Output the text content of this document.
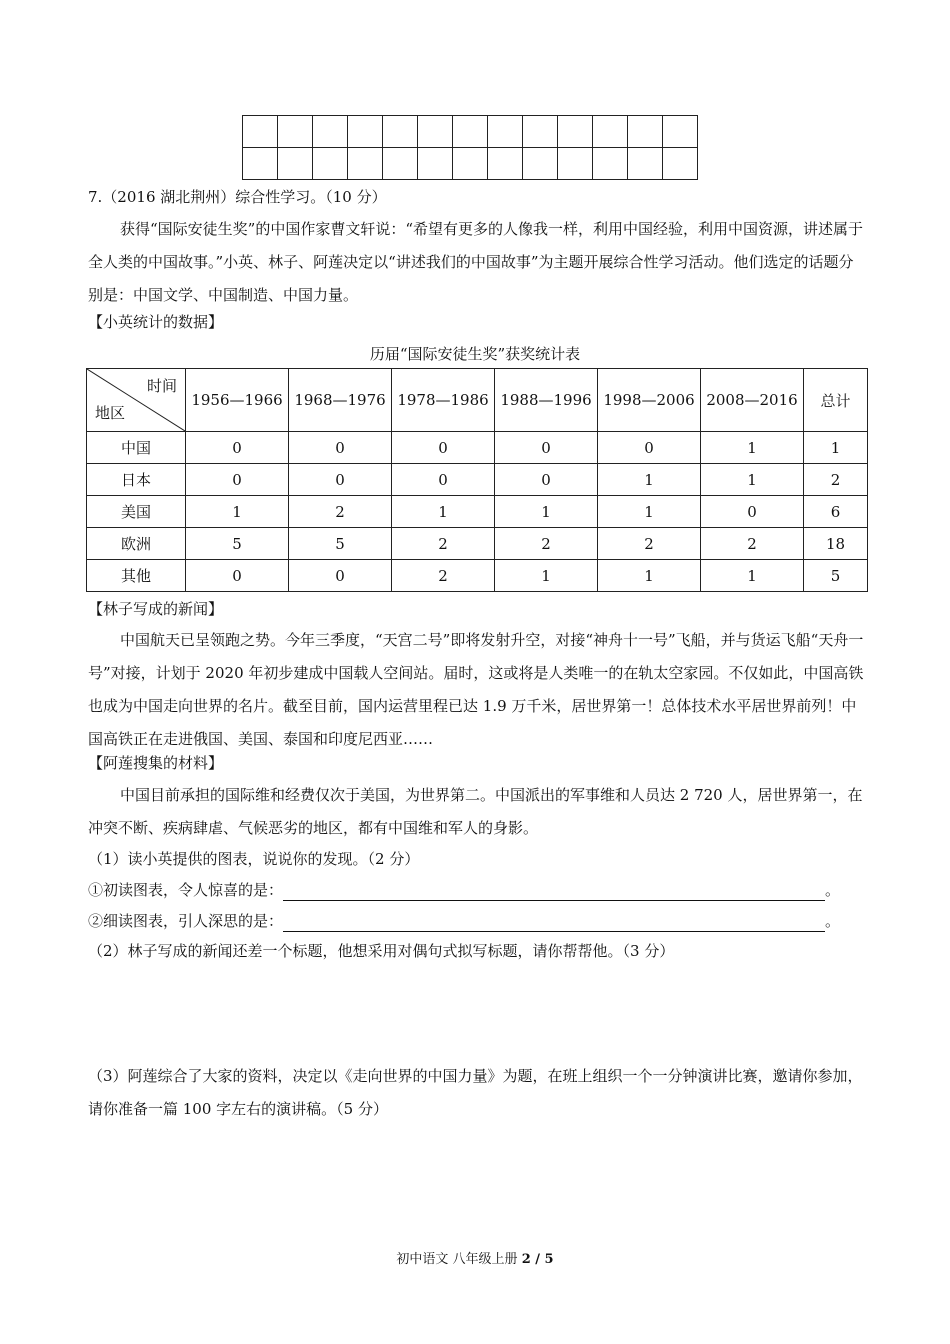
7.（2016 湖北荆州）综合性学习。（10 分）
获得“国际安徒生奖”的中国作家曹文轩说：“希望有更多的人像我一样，利用中国经验，利用中国资源，讲述属于全人类的中国故事。”小英、林子、阿莲决定以“讲述我们的中国故事”为主题开展综合性学习活动。他们选定的话题分别是：中国文学、中国制造、中国力量。
【小英统计的数据】
历届“国际安徒生奖”获奖统计表
时间
地区	1956—1966	1968—1976	1978—1986	1988—1996	1998—2006	2008—2016	总计
中国	0	0	0	0	0	1	1
日本	0	0	0	0	1	1	2
美国	1	2	1	1	1	0	6
欧洲	5	5	2	2	2	2	18
其他	0	0	2	1	1	1	5
【林子写成的新闻】
中国航天已呈领跑之势。今年三季度，“天宫二号”即将发射升空，对接“神舟十一号”飞船，并与货运飞船“天舟一号”对接，计划于 2020 年初步建成中国载人空间站。届时，这或将是人类唯一的在轨太空家园。不仅如此，中国高铁也成为中国走向世界的名片。截至目前，国内运营里程已达 1.9 万千米，居世界第一！总体技术水平居世界前列！中国高铁正在走进俄国、美国、泰国和印度尼西亚……
【阿莲搜集的材料】
中国目前承担的国际维和经费仅次于美国，为世界第二。中国派出的军事维和人员达 2 720 人，居世界第一，在冲突不断、疾病肆虐、气候恶劣的地区，都有中国维和军人的身影。
（1）读小英提供的图表，说说你的发现。（2 分）
①初读图表，令人惊喜的是：	。
②细读图表，引人深思的是：	。
（2）林子写成的新闻还差一个标题，他想采用对偶句式拟写标题，请你帮帮他。（3 分）
（3）阿莲综合了大家的资料，决定以《走向世界的中国力量》为题，在班上组织一个一分钟演讲比赛，邀请你参加，请你准备一篇 100 字左右的演讲稿。（5 分）
初中语文 八年级上册 2 / 5
